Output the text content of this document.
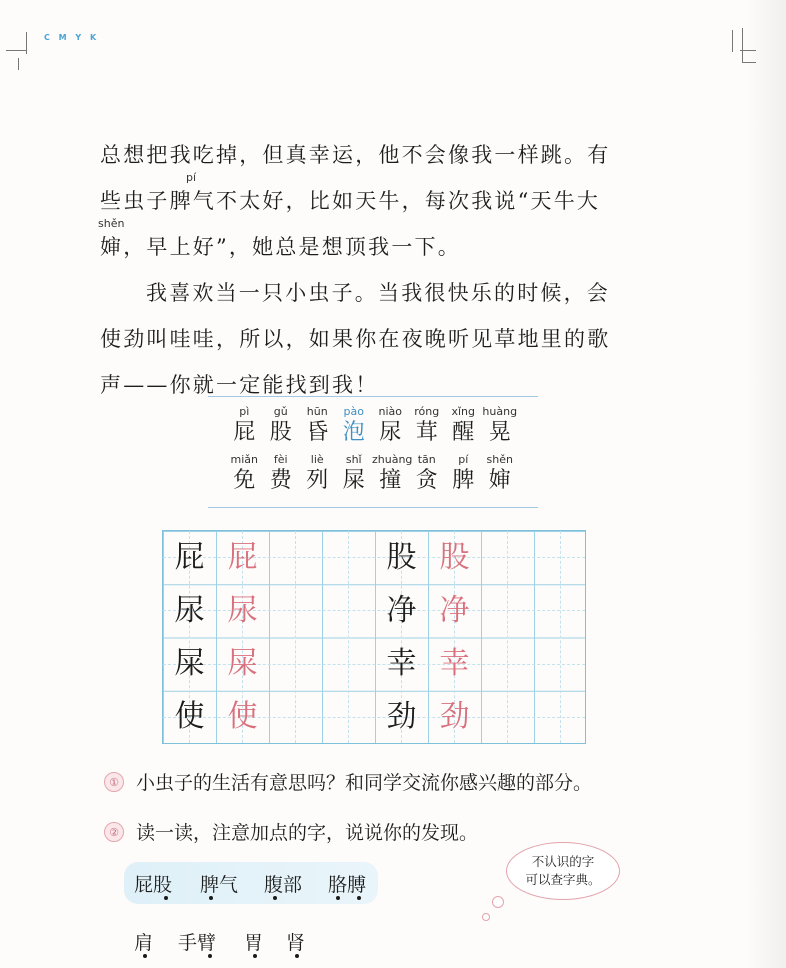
C M Y K
总想把我吃掉，但真幸运，他不会像我一样跳。有
pí
些虫子脾气不太好，比如天牛，每次我说“天牛大
shěn
婶，早上好”，她总是想顶我一下。
我喜欢当一只小虫子。当我很快乐的时候，会
使劲叫哇哇，所以，如果你在夜晚听见草地里的歌
声——你就一定能找到我！
pì
屁
gǔ
股
hūn
昏
pào
泡
niào
尿
róng
茸
xǐng
醒
huàng
晃
miǎn
免
fèi
费
liè
列
shǐ
屎
zhuàng
撞
tān
贪
pí
脾
shěn
婶
屁 屁
尿 尿
屎 屎
使 使
股 股
净 净
幸 幸
劲 劲
① 小虫子的生活有意思吗？和同学交流你感兴趣的部分。
② 读一读，注意加点的字，说说你的发现。
屁股 脾气 腹部 胳膊
肩 手臂 胃 肾
不认识的字
可以查字典。
